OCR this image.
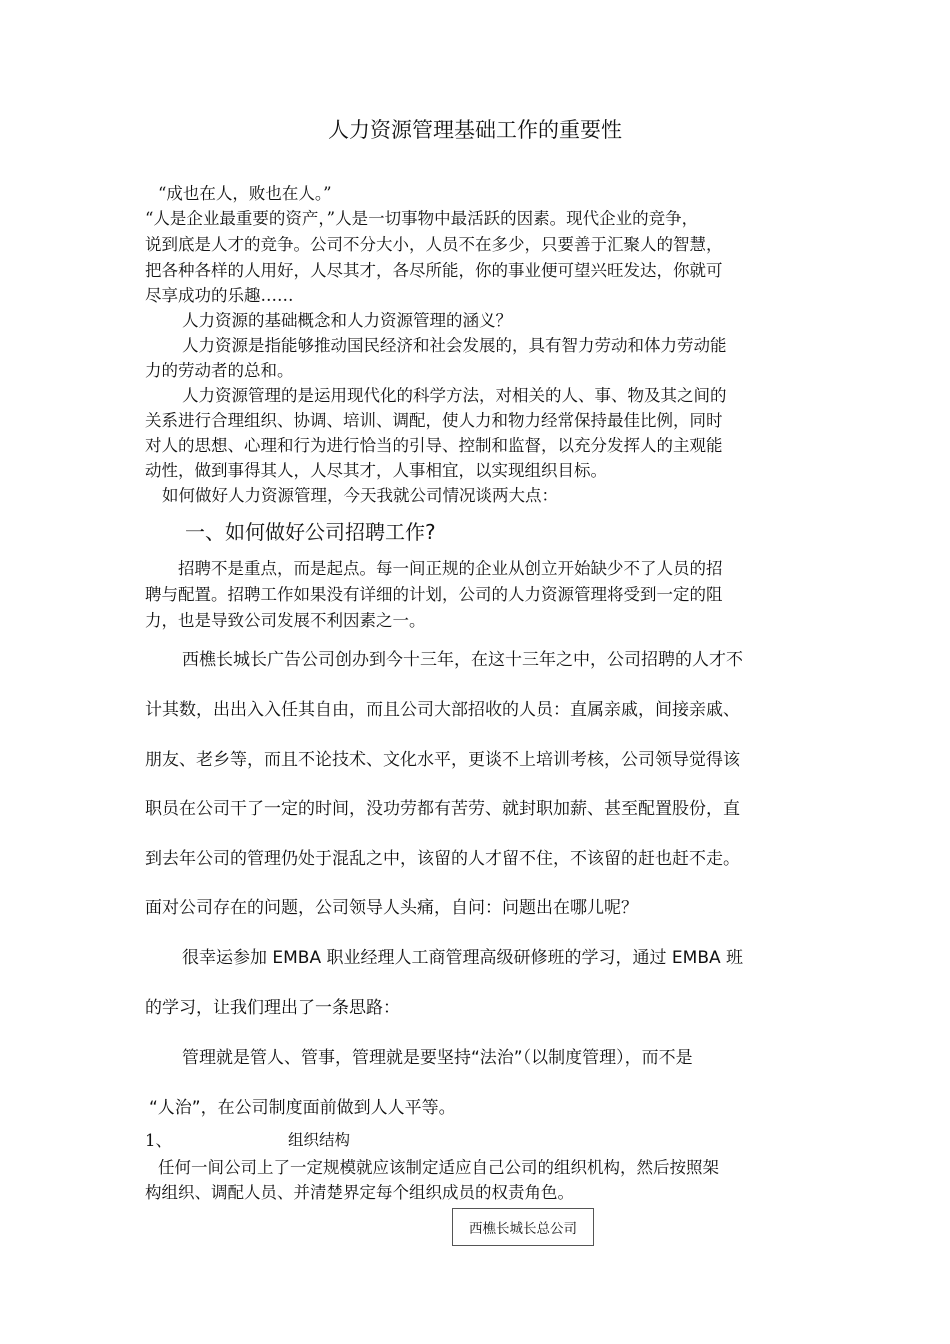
人力资源管理基础工作的重要性
“成也在人，败也在人。”
“人是企业最重要的资产，”人是一切事物中最活跃的因素。现代企业的竞争，
说到底是人才的竞争。公司不分大小，人员不在多少，只要善于汇聚人的智慧，
把各种各样的人用好，人尽其才，各尽所能，你的事业便可望兴旺发达，你就可
尽享成功的乐趣……
人力资源的基础概念和人力资源管理的涵义？
人力资源是指能够推动国民经济和社会发展的，具有智力劳动和体力劳动能
力的劳动者的总和。
人力资源管理的是运用现代化的科学方法，对相关的人、事、物及其之间的
关系进行合理组织、协调、培训、调配，使人力和物力经常保持最佳比例，同时
对人的思想、心理和行为进行恰当的引导、控制和监督，以充分发挥人的主观能
动性，做到事得其人，人尽其才，人事相宜，以实现组织目标。
如何做好人力资源管理，今天我就公司情况谈两大点：
一、如何做好公司招聘工作?
招聘不是重点，而是起点。每一间正规的企业从创立开始缺少不了人员的招
聘与配置。招聘工作如果没有详细的计划，公司的人力资源管理将受到一定的阻
力，也是导致公司发展不利因素之一。
西樵长城长广告公司创办到今十三年，在这十三年之中，公司招聘的人才不
计其数，出出入入任其自由，而且公司大部招收的人员：直属亲戚，间接亲戚、
朋友、老乡等，而且不论技术、文化水平，更谈不上培训考核，公司领导觉得该
职员在公司干了一定的时间，没功劳都有苦劳、就封职加薪、甚至配置股份，直
到去年公司的管理仍处于混乱之中，该留的人才留不住，不该留的赶也赶不走。
面对公司存在的问题，公司领导人头痛，自问：问题出在哪儿呢？
很幸运参加 EMBA 职业经理人工商管理高级研修班的学习，通过 EMBA 班
的学习，让我们理出了一条思路：
管理就是管人、管事，管理就是要坚持“法治”（以制度管理），而不是
“人治”，在公司制度面前做到人人平等。
1、	组织结构
任何一间公司上了一定规模就应该制定适应自己公司的组织机构，然后按照架
构组织、调配人员、并清楚界定每个组织成员的权责角色。
西樵长城长总公司
